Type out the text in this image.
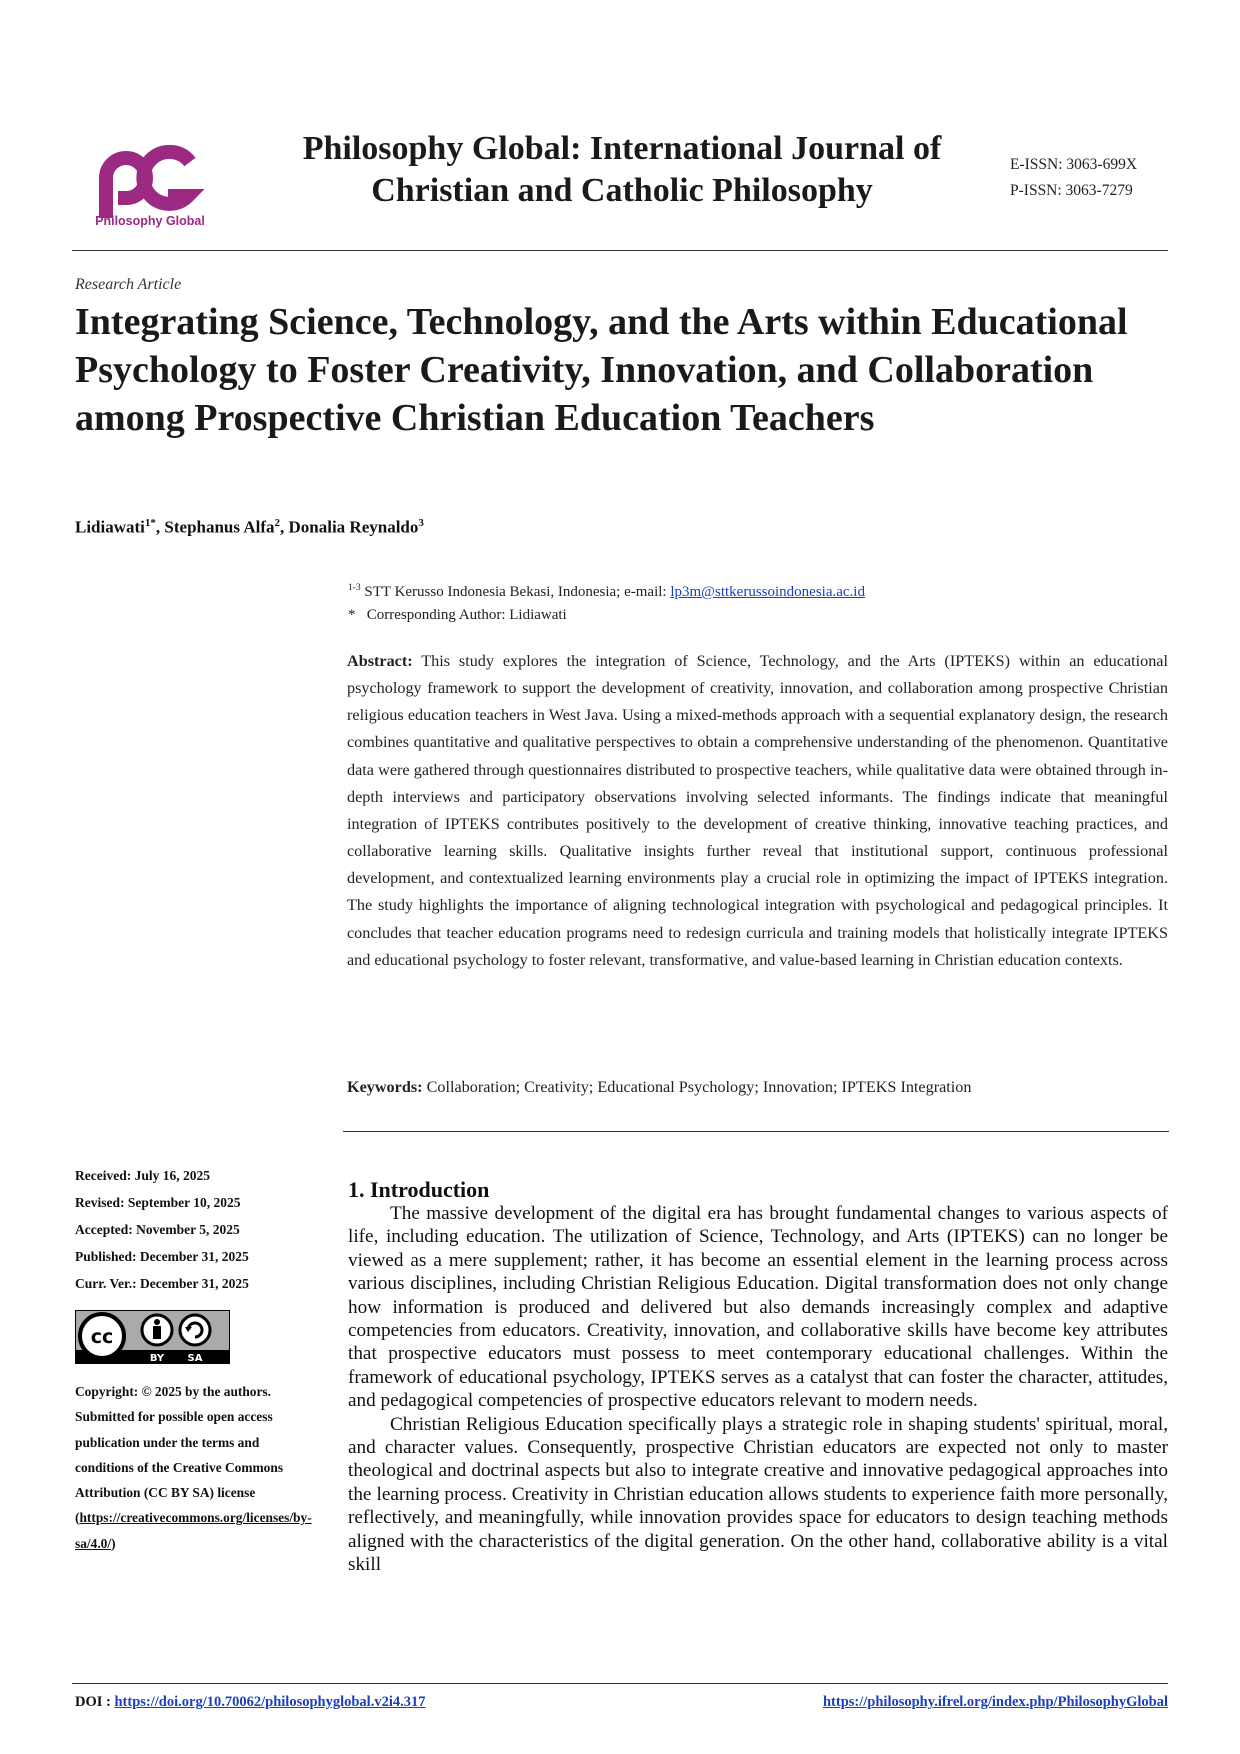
Philosophy Global
Philosophy Global: International Journal of Christian and Catholic Philosophy
E-ISSN: 3063-699X
P-ISSN: 3063-7279
Research Article
Integrating Science, Technology, and the Arts within Educational Psychology to Foster Creativity, Innovation, and Collaboration among Prospective Christian Education Teachers
Lidiawati$^{1*}$, Stephanus Alfa$^2$, Donalia Reynaldo$^3$
$^{1-3}$ STT Kerusso Indonesia Bekasi, Indonesia; e-mail: lp3m@sttkerussoindonesia.ac.id
* Corresponding Author: Lidiawati

Abstract: This study explores the integration of Science, Technology, and the Arts (IPTEKS) within an educational psychology framework to support the development of creativity, innovation, and collaboration among prospective Christian religious education teachers in West Java. Using a mixed-methods approach with a sequential explanatory design, the research combines quantitative and qualitative perspectives to obtain a comprehensive understanding of the phenomenon. Quantitative data were gathered through questionnaires distributed to prospective teachers, while qualitative data were obtained through in-depth interviews and participatory observations involving selected informants. The findings indicate that meaningful integration of IPTEKS contributes positively to the development of creative thinking, innovative teaching practices, and collaborative learning skills. Qualitative insights further reveal that institutional support, continuous professional development, and contextualized learning environments play a crucial role in optimizing the impact of IPTEKS integration. The study highlights the importance of aligning technological integration with psychological and pedagogical principles. It concludes that teacher education programs need to redesign curricula and training models that holistically integrate IPTEKS and educational psychology to foster relevant, transformative, and value-based learning in Christian education contexts.

Keywords: Collaboration; Creativity; Educational Psychology; Innovation; IPTEKS Integration
Received: July 16, 2025
Revised: September 10, 2025
Accepted: November 5, 2025
Published: December 31, 2025
Curr. Ver.: December 31, 2025
cc
BY SA
Copyright: © 2025 by the authors. Submitted for possible open access publication under the terms and conditions of the Creative Commons Attribution (CC BY SA) license (https://creativecommons.org/licenses/by-sa/4.0/)
1. Introduction

The massive development of the digital era has brought fundamental changes to various aspects of life, including education. The utilization of Science, Technology, and Arts (IPTEKS) can no longer be viewed as a mere supplement; rather, it has become an essential element in the learning process across various disciplines, including Christian Religious Education. Digital transformation does not only change how information is produced and delivered but also demands increasingly complex and adaptive competencies from educators. Creativity, innovation, and collaborative skills have become key attributes that prospective educators must possess to meet contemporary educational challenges. Within the framework of educational psychology, IPTEKS serves as a catalyst that can foster the character, attitudes, and pedagogical competencies of prospective educators relevant to modern needs.

Christian Religious Education specifically plays a strategic role in shaping students' spiritual, moral, and character values. Consequently, prospective Christian educators are expected not only to master theological and doctrinal aspects but also to integrate creative and innovative pedagogical approaches into the learning process. Creativity in Christian education allows students to experience faith more personally, reflectively, and meaningfully, while innovation provides space for educators to design teaching methods aligned with the characteristics of the digital generation. On the other hand, collaborative ability is a vital skill

DOI : https://doi.org/10.70062/philosophyglobal.v2i4.317	https://philosophy.ifrel.org/index.php/PhilosophyGlobal
